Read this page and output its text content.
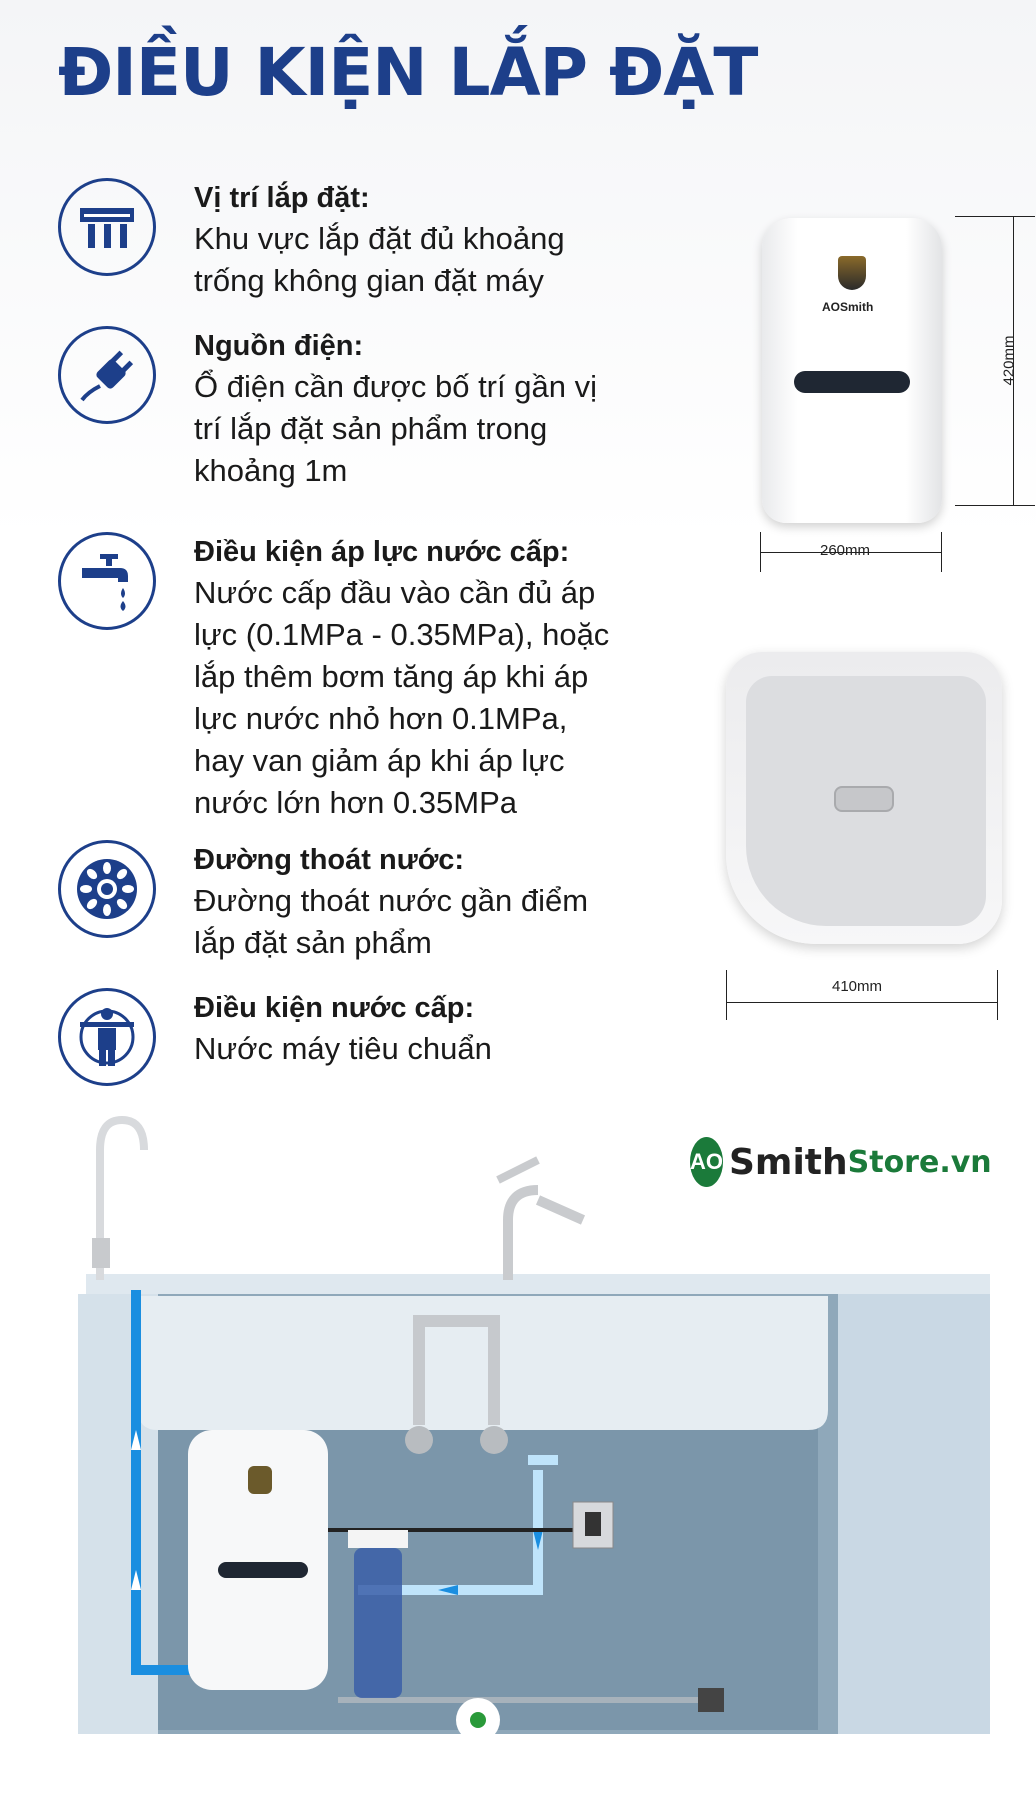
ĐIỀU KIỆN LẮP ĐẶT
Vị trí lắp đặt:
Khu vực lắp đặt đủ khoảng
trống không gian đặt máy
Nguồn điện:
Ổ điện cần được bố trí gần vị
trí lắp đặt sản phẩm trong
khoảng 1m
Điều kiện áp lực nước cấp:
Nước cấp đầu vào cần đủ áp
lực (0.1MPa - 0.35MPa), hoặc
lắp thêm bơm tăng áp khi áp
lực nước nhỏ hơn 0.1MPa,
hay van giảm áp khi áp lực
nước lớn hơn 0.35MPa
Đường thoát nước:
Đường thoát nước gần điểm
lắp đặt sản phẩm
Điều kiện nước cấp:
Nước máy tiêu chuẩn
AOSmith
420mm
260mm
410mm
AO Smith Store.vn
